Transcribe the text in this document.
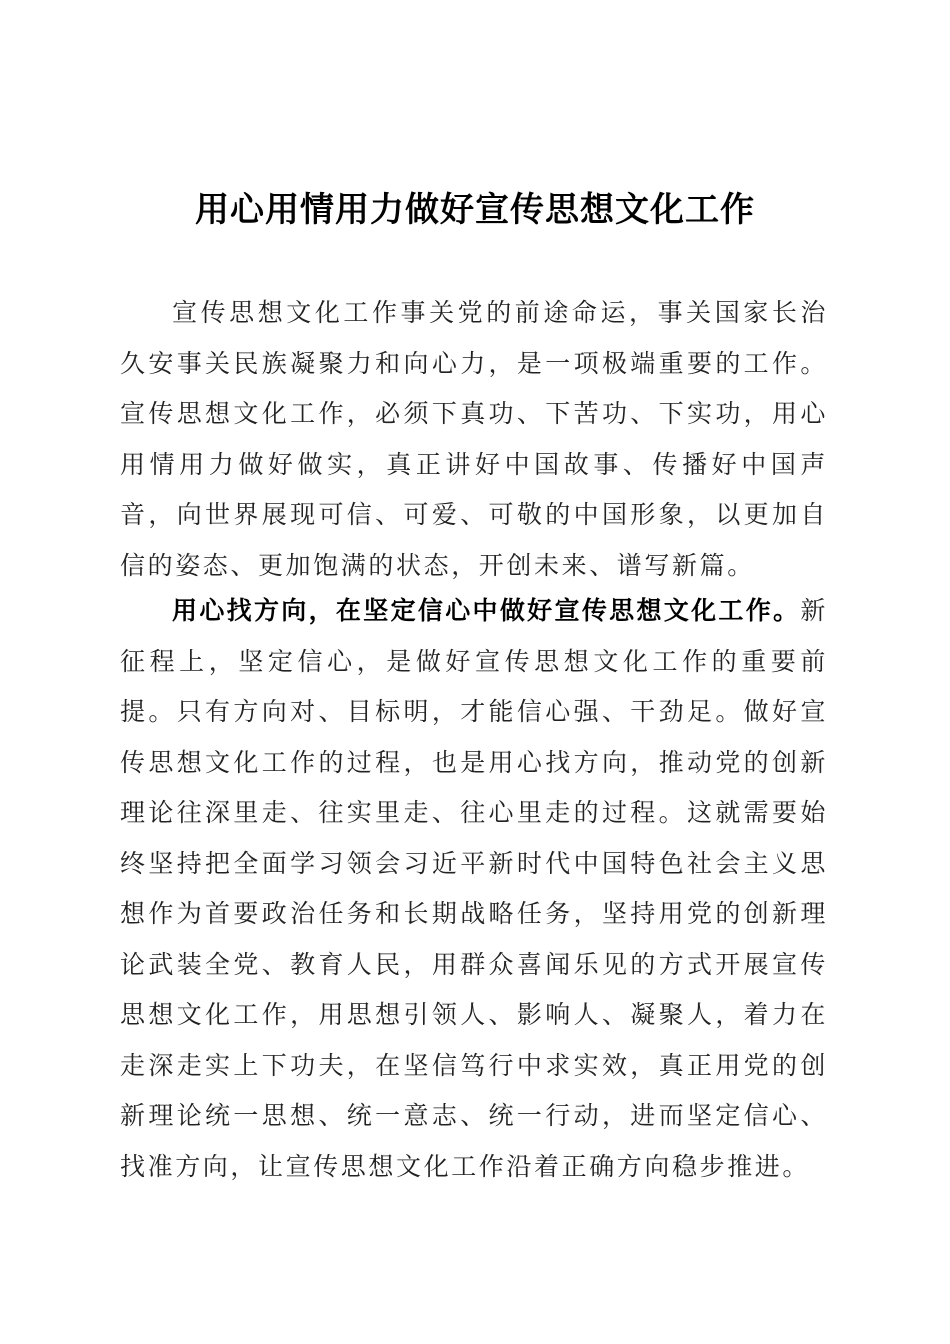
用心用情用力做好宣传思想文化工作

宣传思想文化工作事关党的前途命运，事关国家长治久安事关民族凝聚力和向心力，是一项极端重要的工作。宣传思想文化工作，必须下真功、下苦功、下实功，用心用情用力做好做实，真正讲好中国故事、传播好中国声音，向世界展现可信、可爱、可敬的中国形象，以更加自信的姿态、更加饱满的状态，开创未来、谱写新篇。

用心找方向，在坚定信心中做好宣传思想文化工作。新征程上，坚定信心，是做好宣传思想文化工作的重要前提。只有方向对、目标明，才能信心强、干劲足。做好宣传思想文化工作的过程，也是用心找方向，推动党的创新理论往深里走、往实里走、往心里走的过程。这就需要始终坚持把全面学习领会习近平新时代中国特色社会主义思想作为首要政治任务和长期战略任务，坚持用党的创新理论武装全党、教育人民，用群众喜闻乐见的方式开展宣传思想文化工作，用思想引领人、影响人、凝聚人，着力在走深走实上下功夫，在坚信笃行中求实效，真正用党的创新理论统一思想、统一意志、统一行动，进而坚定信心、找准方向，让宣传思想文化工作沿着正确方向稳步推进。
